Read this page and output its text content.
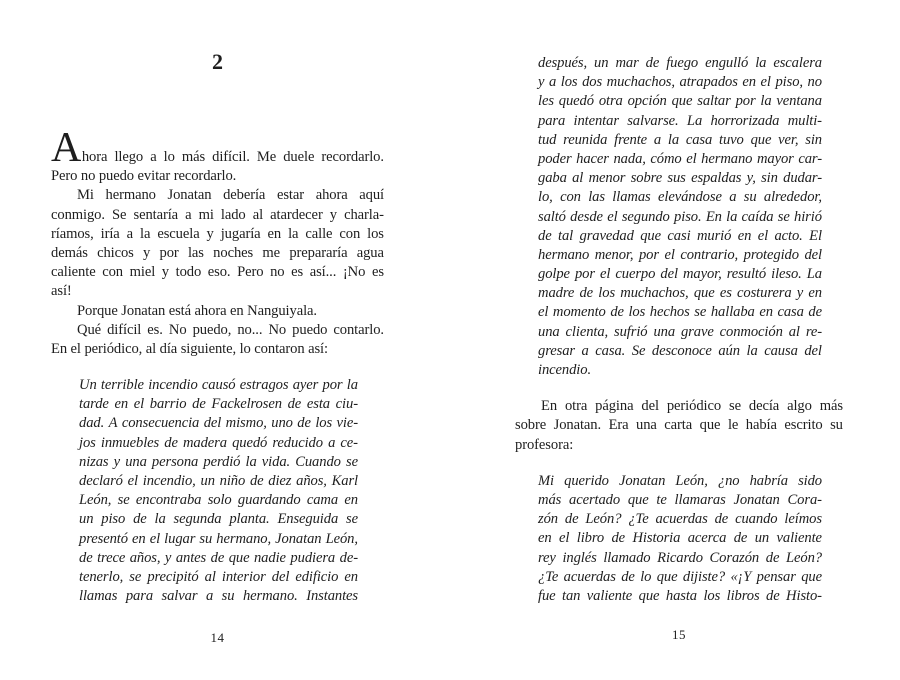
2
Ahora llego a lo más difícil. Me duele recordarlo.
Pero no puedo evitar recordarlo.
Mi hermano Jonatan debería estar ahora aquí
conmigo. Se sentaría a mi lado al atardecer y charla-
ríamos, iría a la escuela y jugaría en la calle con los
demás chicos y por las noches me prepararía agua
caliente con miel y todo eso. Pero no es así... ¡No es
así!
Porque Jonatan está ahora en Nanguiyala.
Qué difícil es. No puedo, no... No puedo contarlo.
En el periódico, al día siguiente, lo contaron así:
Un terrible incendio causó estragos ayer por la
tarde en el barrio de Fackelrosen de esta ciu-
dad. A consecuencia del mismo, uno de los vie-
jos inmuebles de madera quedó reducido a ce-
nizas y una persona perdió la vida. Cuando se
declaró el incendio, un niño de diez años, Karl
León, se encontraba solo guardando cama en
un piso de la segunda planta. Enseguida se
presentó en el lugar su hermano, Jonatan León,
de trece años, y antes de que nadie pudiera de-
tenerlo, se precipitó al interior del edificio en
llamas para salvar a su hermano. Instantes
14
después, un mar de fuego engulló la escalera
y a los dos muchachos, atrapados en el piso, no
les quedó otra opción que saltar por la ventana
para intentar salvarse. La horrorizada multi-
tud reunida frente a la casa tuvo que ver, sin
poder hacer nada, cómo el hermano mayor car-
gaba al menor sobre sus espaldas y, sin dudar-
lo, con las llamas elevándose a su alrededor,
saltó desde el segundo piso. En la caída se hirió
de tal gravedad que casi murió en el acto. El
hermano menor, por el contrario, protegido del
golpe por el cuerpo del mayor, resultó ileso. La
madre de los muchachos, que es costurera y en
el momento de los hechos se hallaba en casa de
una clienta, sufrió una grave conmoción al re-
gresar a casa. Se desconoce aún la causa del
incendio.
En otra página del periódico se decía algo más
sobre Jonatan. Era una carta que le había escrito su
profesora:
Mi querido Jonatan León, ¿no habría sido
más acertado que te llamaras Jonatan Cora-
zón de León? ¿Te acuerdas de cuando leímos
en el libro de Historia acerca de un valiente
rey inglés llamado Ricardo Corazón de León?
¿Te acuerdas de lo que dijiste? «¡Y pensar que
fue tan valiente que hasta los libros de Histo-
15
